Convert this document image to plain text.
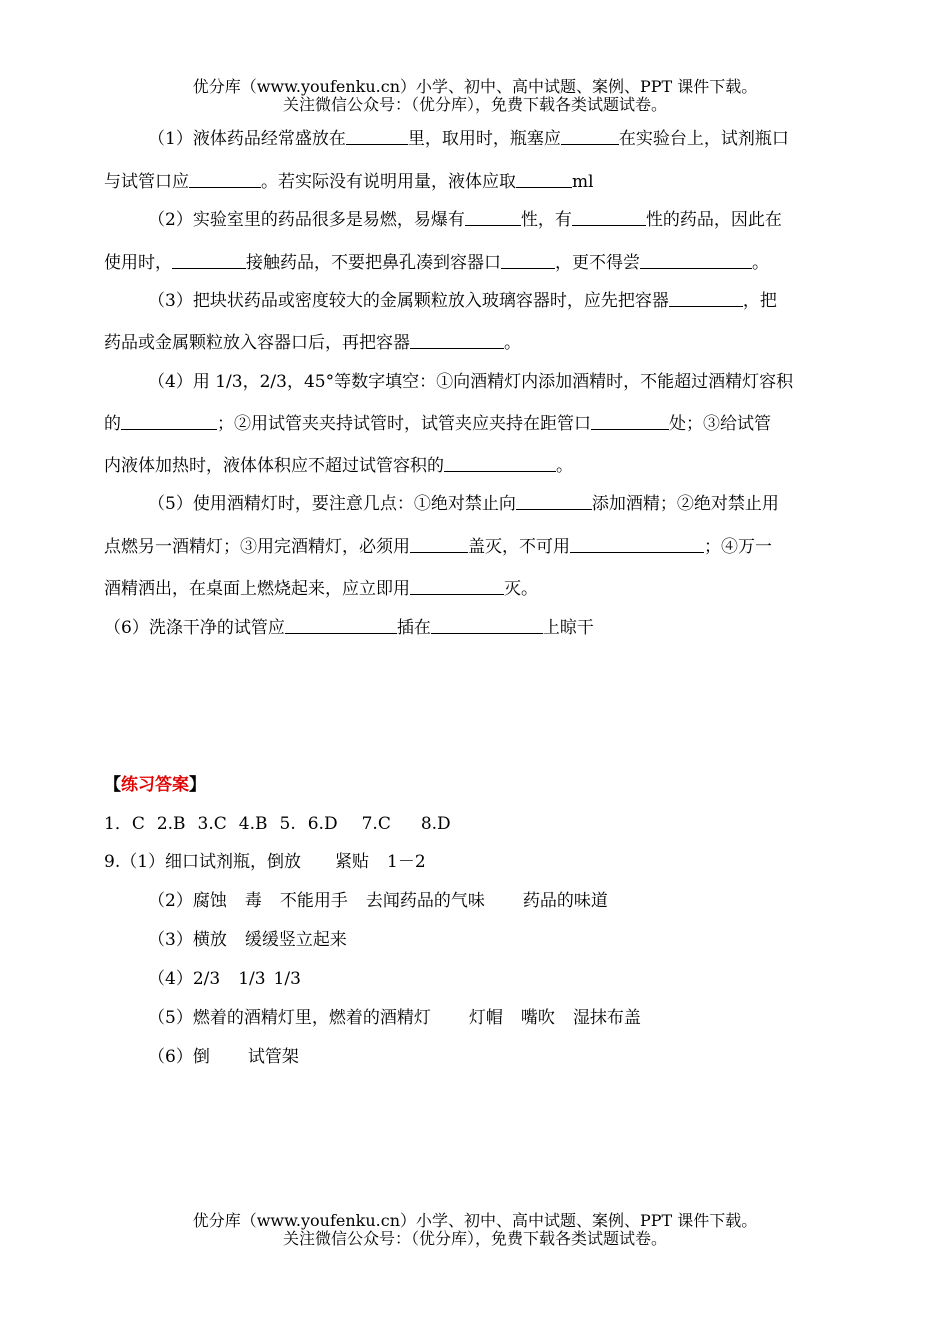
优分库（www.youfenku.cn）小学、初中、高中试题、案例、PPT 课件下载。
关注微信公众号：（优分库），免费下载各类试题试卷。
（1）液体药品经常盛放在	里，取用时，瓶塞应	在实验台上，试剂瓶口
与试管口应	。若实际没有说明用量，液体应取	ml
（2）实验室里的药品很多是易燃，易爆有	性，有	性的药品，因此在
使用时，	接触药品，不要把鼻孔凑到容器口	，更不得尝	。
（3）把块状药品或密度较大的金属颗粒放入玻璃容器时，应先把容器	，把
药品或金属颗粒放入容器口后，再把容器	。
（4）用 1/3，2/3，45°等数字填空：①向酒精灯内添加酒精时，不能超过酒精灯容积
的	；②用试管夹夹持试管时，试管夹应夹持在距管口	处；③给试管
内液体加热时，液体体积应不超过试管容积的	。
（5）使用酒精灯时，要注意几点：①绝对禁止向	添加酒精；②绝对禁止用
点燃另一酒精灯；③用完酒精灯，必须用	盖灭，不可用	；④万一
酒精洒出，在桌面上燃烧起来，应立即用	灭。
（6）洗涤干净的试管应	插在	上晾干
【练习答案】
1．C 2.B 3.C 4.B 5. 6.D 7.C 8.D
9.（1）细口试剂瓶，倒放 紧贴 1－2
（2）腐蚀 毒 不能用手 去闻药品的气味 药品的味道
（3）横放 缓缓竖立起来
（4）2/3 1/3 1/3
（5）燃着的酒精灯里，燃着的酒精灯 灯帽 嘴吹 湿抹布盖
（6）倒 试管架
优分库（www.youfenku.cn）小学、初中、高中试题、案例、PPT 课件下载。
关注微信公众号：（优分库），免费下载各类试题试卷。
